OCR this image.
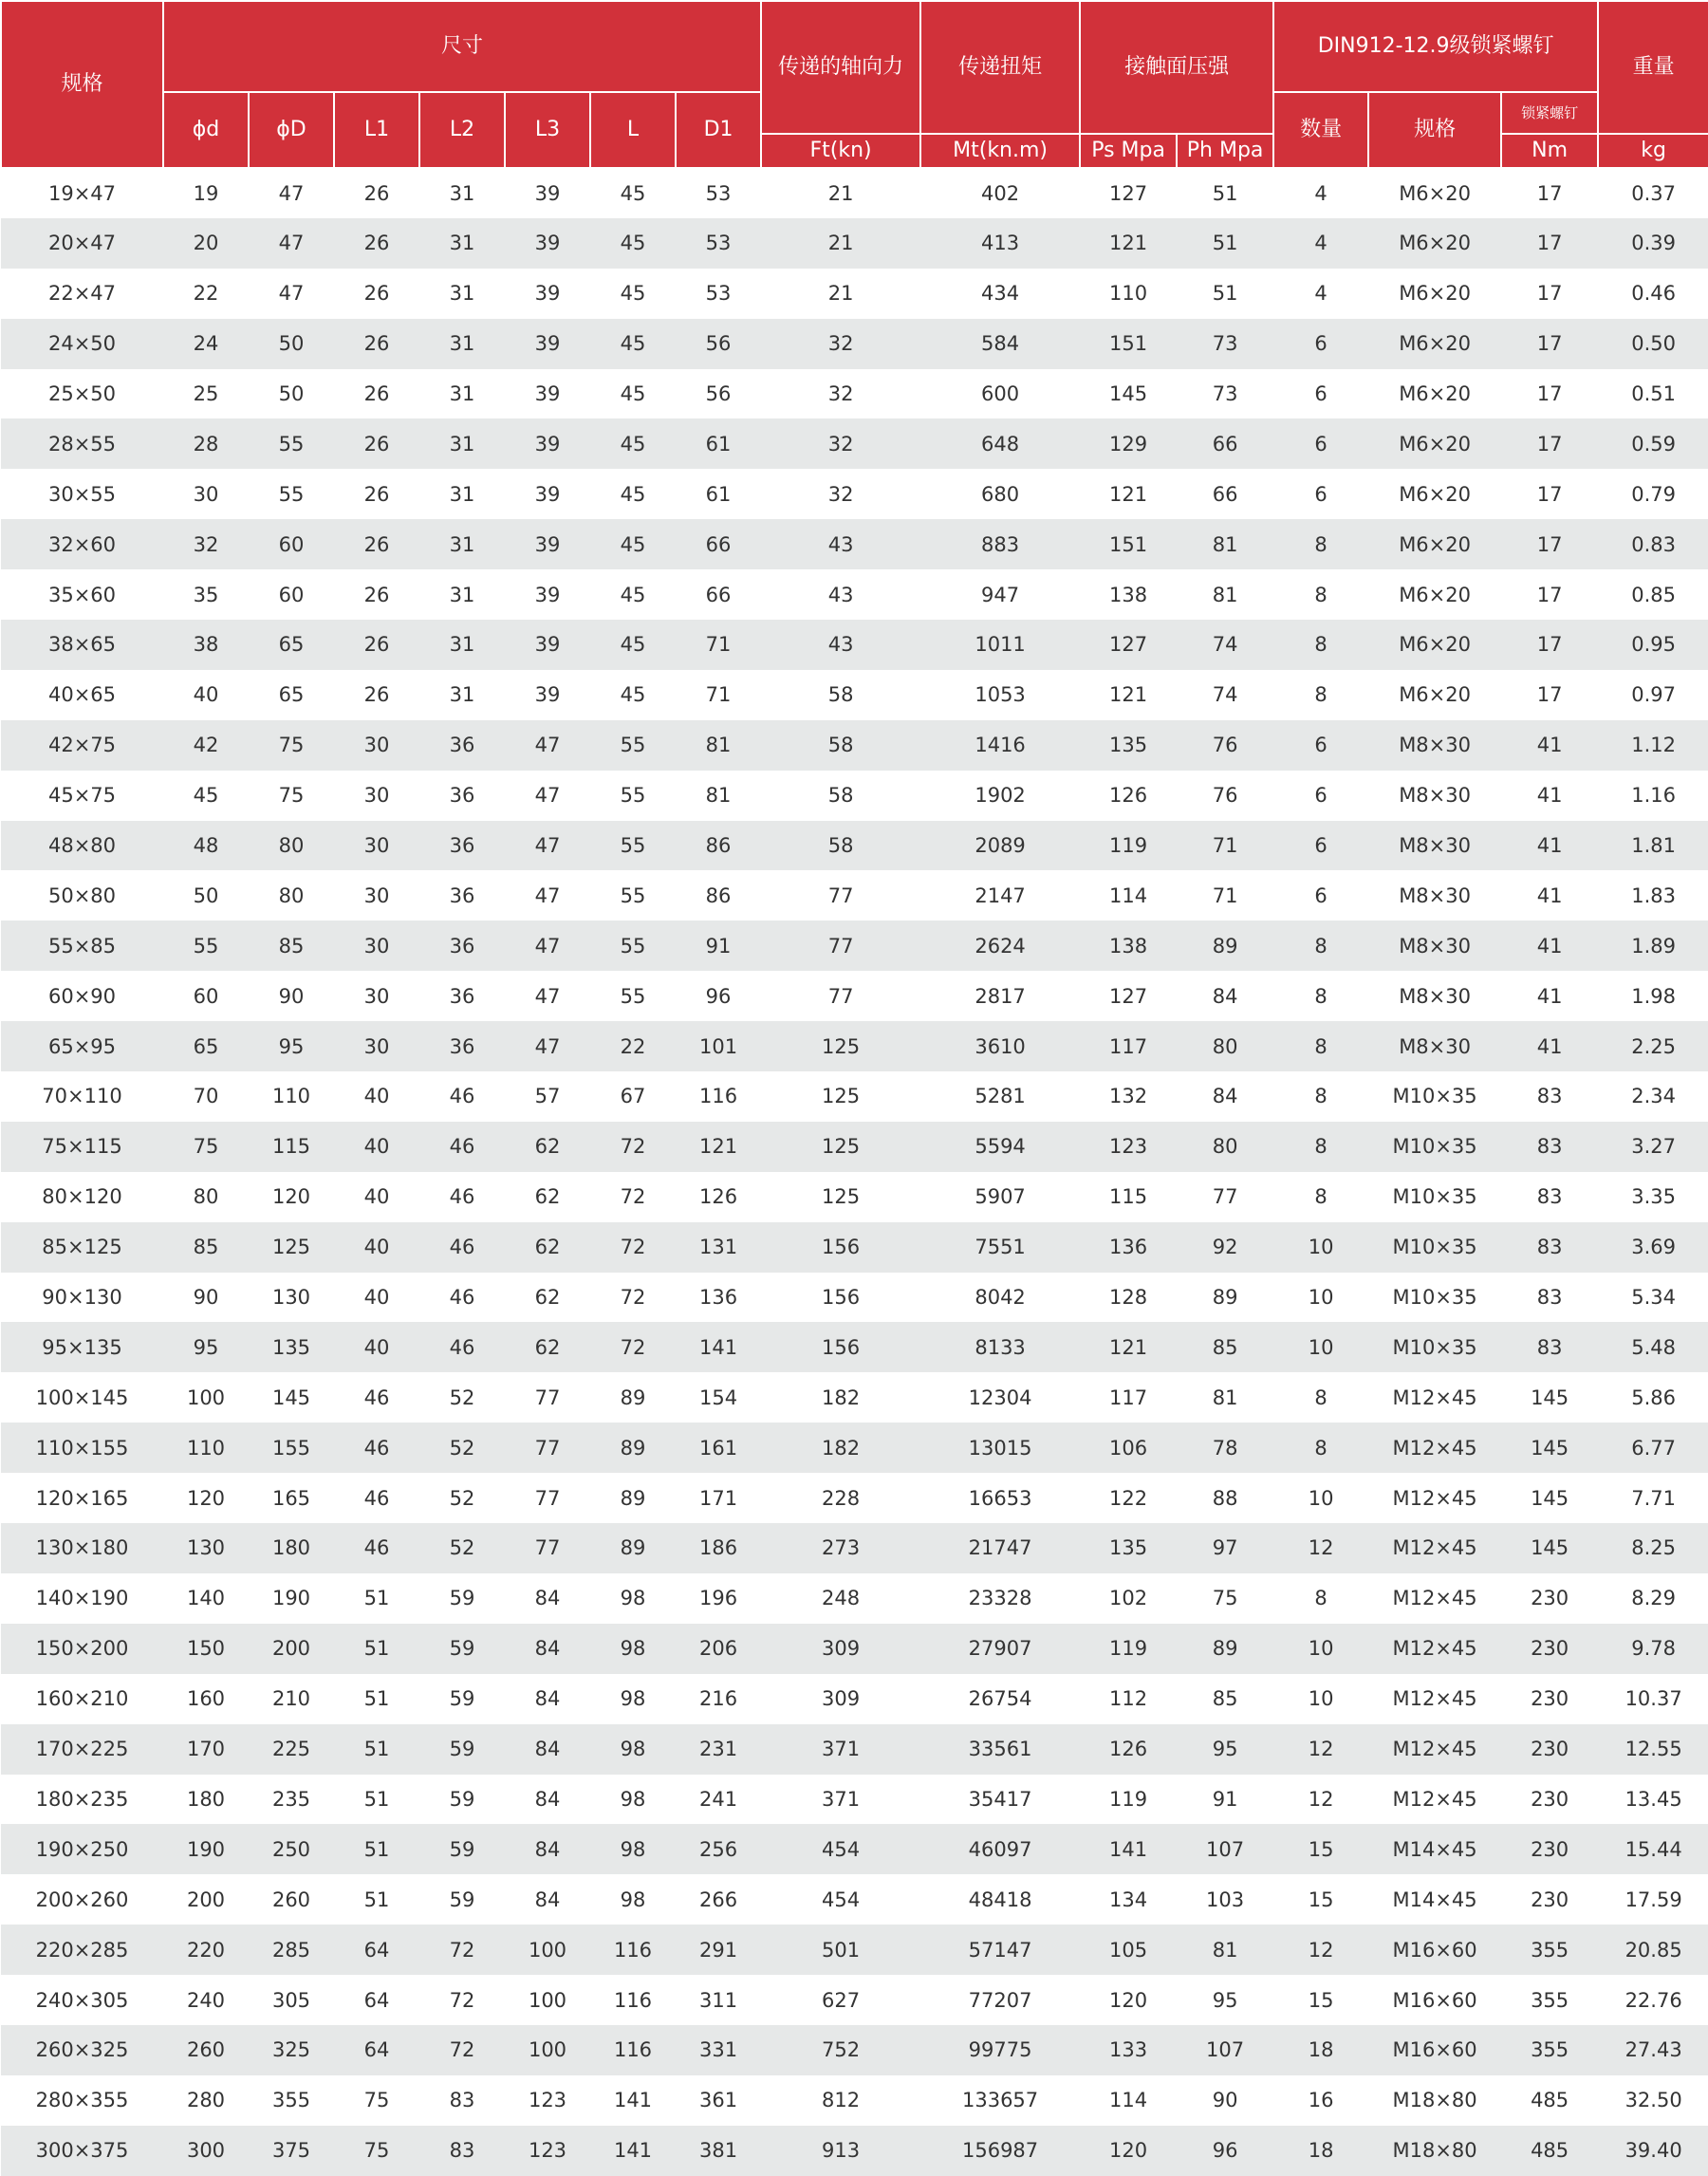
规格	尺寸							传递的轴向力	传递扭矩	接触面压强		DIN912-12.9级锁紧螺钉			重量
	ϕd	ϕD	L1	L2	L3	L	D1					数量	规格	锁紧螺钉	
								Ft(kn)	Mt(kn.m)	Ps Mpa	Ph Mpa			Nm	kg
19×47	19	47	26	31	39	45	53	21	402	127	51	4	M6×20	17	0.37
20×47	20	47	26	31	39	45	53	21	413	121	51	4	M6×20	17	0.39
22×47	22	47	26	31	39	45	53	21	434	110	51	4	M6×20	17	0.46
24×50	24	50	26	31	39	45	56	32	584	151	73	6	M6×20	17	0.50
25×50	25	50	26	31	39	45	56	32	600	145	73	6	M6×20	17	0.51
28×55	28	55	26	31	39	45	61	32	648	129	66	6	M6×20	17	0.59
30×55	30	55	26	31	39	45	61	32	680	121	66	6	M6×20	17	0.79
32×60	32	60	26	31	39	45	66	43	883	151	81	8	M6×20	17	0.83
35×60	35	60	26	31	39	45	66	43	947	138	81	8	M6×20	17	0.85
38×65	38	65	26	31	39	45	71	43	1011	127	74	8	M6×20	17	0.95
40×65	40	65	26	31	39	45	71	58	1053	121	74	8	M6×20	17	0.97
42×75	42	75	30	36	47	55	81	58	1416	135	76	6	M8×30	41	1.12
45×75	45	75	30	36	47	55	81	58	1902	126	76	6	M8×30	41	1.16
48×80	48	80	30	36	47	55	86	58	2089	119	71	6	M8×30	41	1.81
50×80	50	80	30	36	47	55	86	77	2147	114	71	6	M8×30	41	1.83
55×85	55	85	30	36	47	55	91	77	2624	138	89	8	M8×30	41	1.89
60×90	60	90	30	36	47	55	96	77	2817	127	84	8	M8×30	41	1.98
65×95	65	95	30	36	47	22	101	125	3610	117	80	8	M8×30	41	2.25
70×110	70	110	40	46	57	67	116	125	5281	132	84	8	M10×35	83	2.34
75×115	75	115	40	46	62	72	121	125	5594	123	80	8	M10×35	83	3.27
80×120	80	120	40	46	62	72	126	125	5907	115	77	8	M10×35	83	3.35
85×125	85	125	40	46	62	72	131	156	7551	136	92	10	M10×35	83	3.69
90×130	90	130	40	46	62	72	136	156	8042	128	89	10	M10×35	83	5.34
95×135	95	135	40	46	62	72	141	156	8133	121	85	10	M10×35	83	5.48
100×145	100	145	46	52	77	89	154	182	12304	117	81	8	M12×45	145	5.86
110×155	110	155	46	52	77	89	161	182	13015	106	78	8	M12×45	145	6.77
120×165	120	165	46	52	77	89	171	228	16653	122	88	10	M12×45	145	7.71
130×180	130	180	46	52	77	89	186	273	21747	135	97	12	M12×45	145	8.25
140×190	140	190	51	59	84	98	196	248	23328	102	75	8	M12×45	230	8.29
150×200	150	200	51	59	84	98	206	309	27907	119	89	10	M12×45	230	9.78
160×210	160	210	51	59	84	98	216	309	26754	112	85	10	M12×45	230	10.37
170×225	170	225	51	59	84	98	231	371	33561	126	95	12	M12×45	230	12.55
180×235	180	235	51	59	84	98	241	371	35417	119	91	12	M12×45	230	13.45
190×250	190	250	51	59	84	98	256	454	46097	141	107	15	M14×45	230	15.44
200×260	200	260	51	59	84	98	266	454	48418	134	103	15	M14×45	230	17.59
220×285	220	285	64	72	100	116	291	501	57147	105	81	12	M16×60	355	20.85
240×305	240	305	64	72	100	116	311	627	77207	120	95	15	M16×60	355	22.76
260×325	260	325	64	72	100	116	331	752	99775	133	107	18	M16×60	355	27.43
280×355	280	355	75	83	123	141	361	812	133657	114	90	16	M18×80	485	32.50
300×375	300	375	75	83	123	141	381	913	156987	120	96	18	M18×80	485	39.40
